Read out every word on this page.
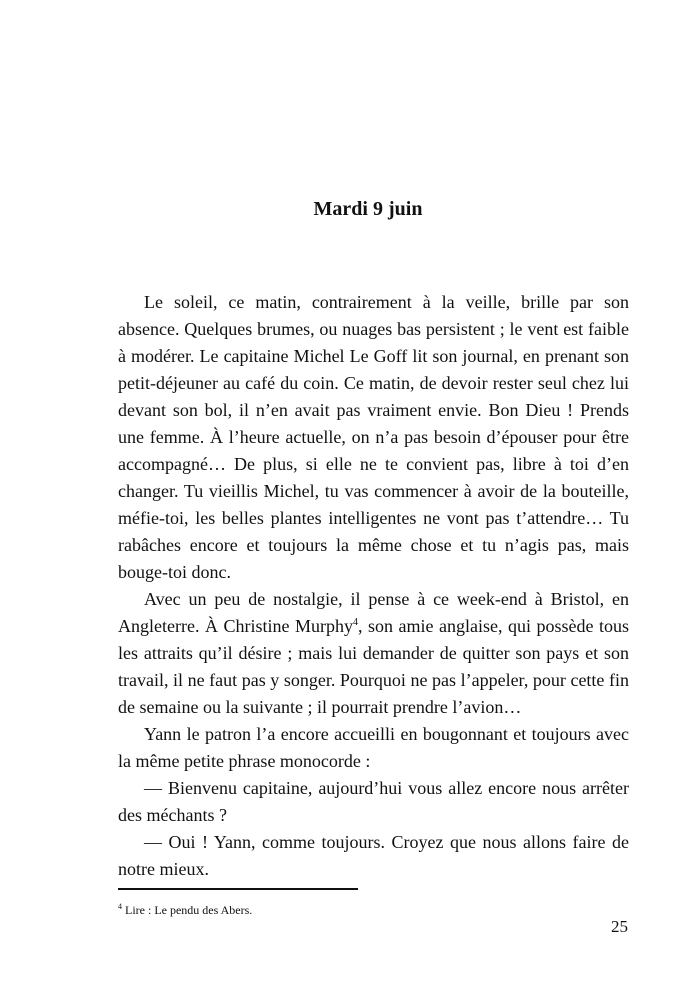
Mardi 9 juin

Le soleil, ce matin, contrairement à la veille, brille par son absence. Quelques brumes, ou nuages bas persistent ; le vent est faible à modérer. Le capitaine Michel Le Goff lit son journal, en prenant son petit-déjeuner au café du coin. Ce matin, de devoir rester seul chez lui devant son bol, il n’en avait pas vraiment envie. Bon Dieu ! Prends une femme. À l’heure actuelle, on n’a pas besoin d’épouser pour être accompagné… De plus, si elle ne te convient pas, libre à toi d’en changer. Tu vieillis Michel, tu vas commencer à avoir de la bouteille, méfie-toi, les belles plantes intelligentes ne vont pas t’attendre… Tu rabâches encore et toujours la même chose et tu n’agis pas, mais bouge-toi donc.

Avec un peu de nostalgie, il pense à ce week-end à Bristol, en Angleterre. À Christine Murphy$^4$, son amie anglaise, qui possède tous les attraits qu’il désire ; mais lui demander de quitter son pays et son travail, il ne faut pas y songer. Pourquoi ne pas l’appeler, pour cette fin de semaine ou la suivante ; il pourrait prendre l’avion…

Yann le patron l’a encore accueilli en bougonnant et toujours avec la même petite phrase monocorde :

— Bienvenu capitaine, aujourd’hui vous allez encore nous arrêter des méchants ?

— Oui ! Yann, comme toujours. Croyez que nous allons faire de notre mieux.

$^4$ Lire : Le pendu des Abers.
25
